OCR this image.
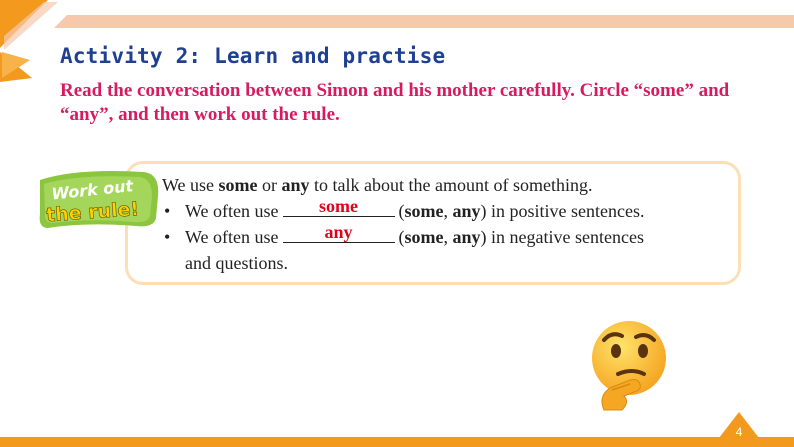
Activity 2: Learn and practise
Read the conversation between Simon and his mother carefully. Circle “some” and “any”, and then work out the rule.
Work out
the rule!
We use some or any to talk about the amount of something.
• We often use	some	(some, any) in positive sentences.
• We often use	any	(some, any) in negative sentences
and questions.
4
